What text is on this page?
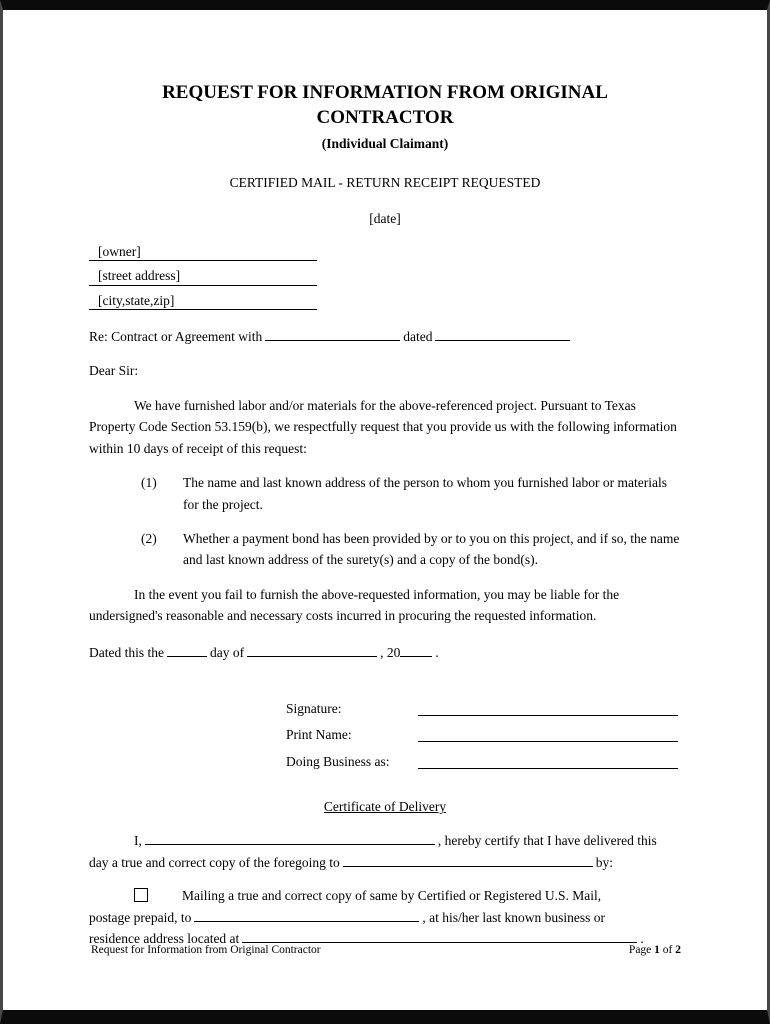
REQUEST FOR INFORMATION FROM ORIGINAL
CONTRACTOR
(Individual Claimant)
CERTIFIED MAIL - RETURN RECEIPT REQUESTED
[date]
[owner]
[street address]
[city,state,zip]
Re: Contract or Agreement with	dated
Dear Sir:
We have furnished labor and/or materials for the above-referenced project. Pursuant to Texas Property Code Section 53.159(b), we respectfully request that you provide us with the following information within 10 days of receipt of this request:
(1)	The name and last known address of the person to whom you furnished labor or materials for the project.
(2)	Whether a payment bond has been provided by or to you on this project, and if so, the name and last known address of the surety(s) and a copy of the bond(s).
In the event you fail to furnish the above-requested information, you may be liable for the undersigned's reasonable and necessary costs incurred in procuring the requested information.
Dated this the	day of	, 20	.
Signature:
Print Name:
Doing Business as:
Certificate of Delivery
I,	, hereby certify that I have delivered this
day a true and correct copy of the foregoing to	by:
Mailing a true and correct copy of same by Certified or Registered U.S. Mail,
postage prepaid, to	, at his/her last known business or
residence address located at	.
Request for Information from Original Contractor	Page 1 of 2
